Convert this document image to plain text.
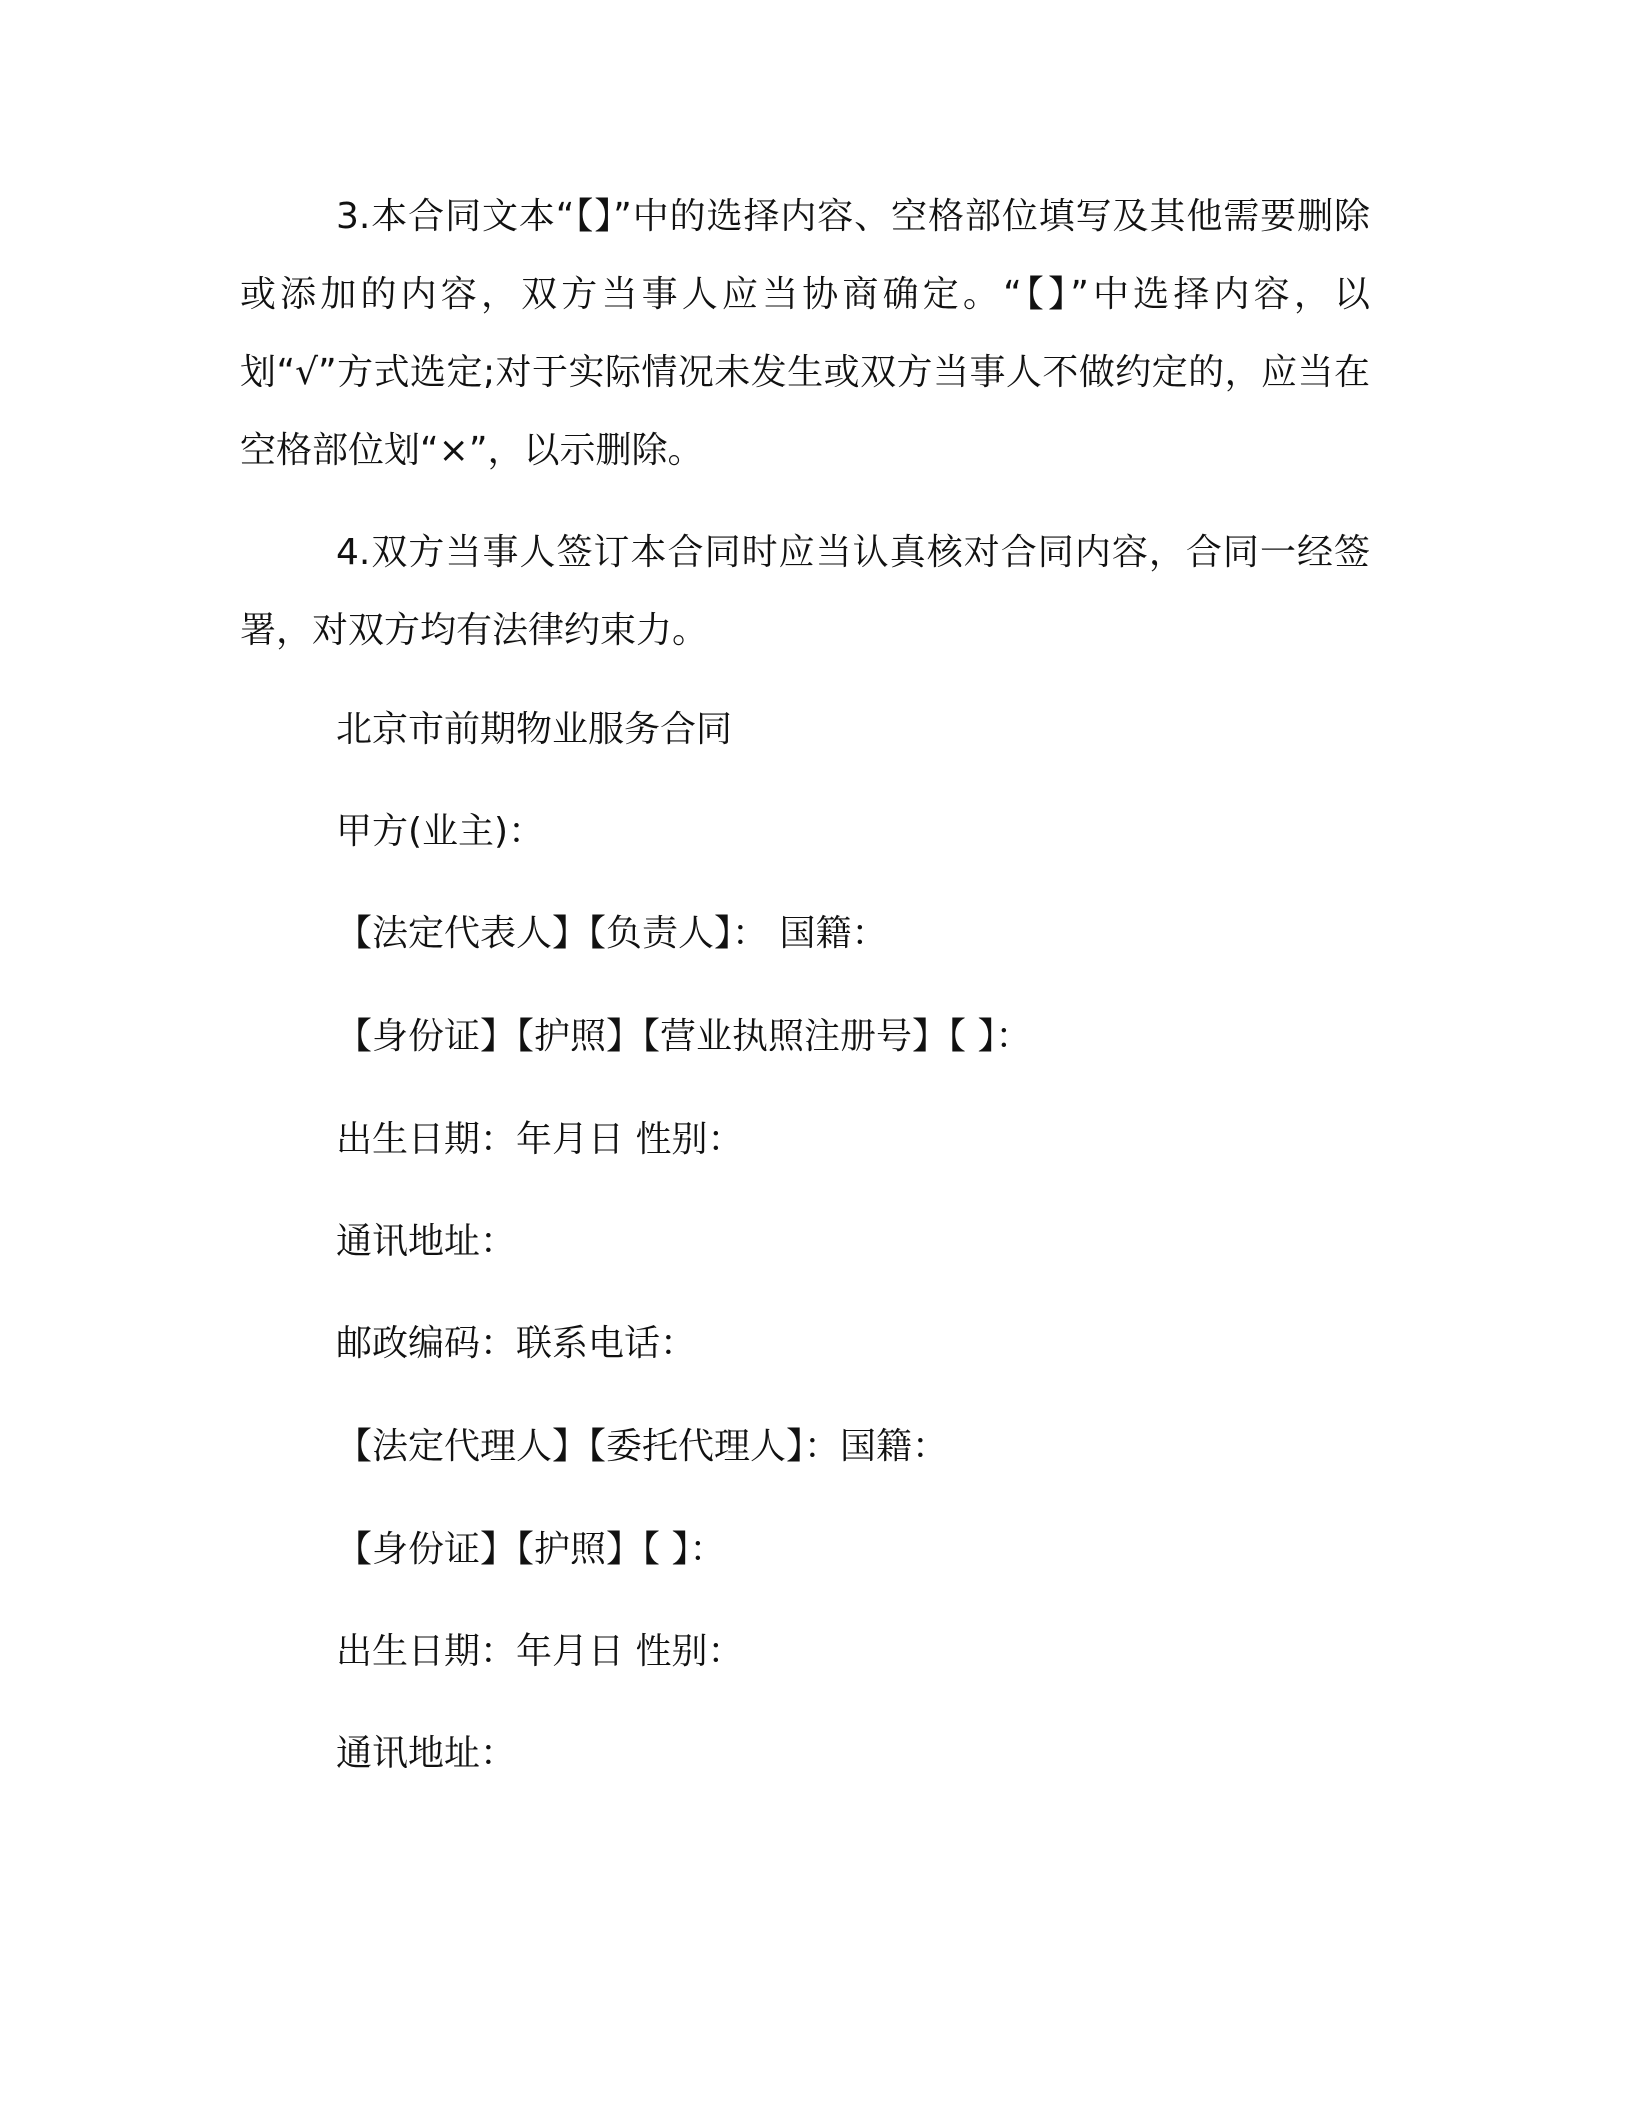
3.本合同文本“【】”中的选择内容、空格部位填写及其他需要删除或添加的内容，双方当事人应当协商确定。“【】”中选择内容，以划“√”方式选定;对于实际情况未发生或双方当事人不做约定的，应当在空格部位划“×”，以示删除。

4.双方当事人签订本合同时应当认真核对合同内容，合同一经签署，对双方均有法律约束力。

北京市前期物业服务合同

甲方(业主)：

【法定代表人】【负责人】： 国籍：

【身份证】【护照】【营业执照注册号】【 】：

出生日期：年月日 性别：

通讯地址：

邮政编码：联系电话：

【法定代理人】【委托代理人】：国籍：

【身份证】【护照】【 】：

出生日期：年月日 性别：

通讯地址：
